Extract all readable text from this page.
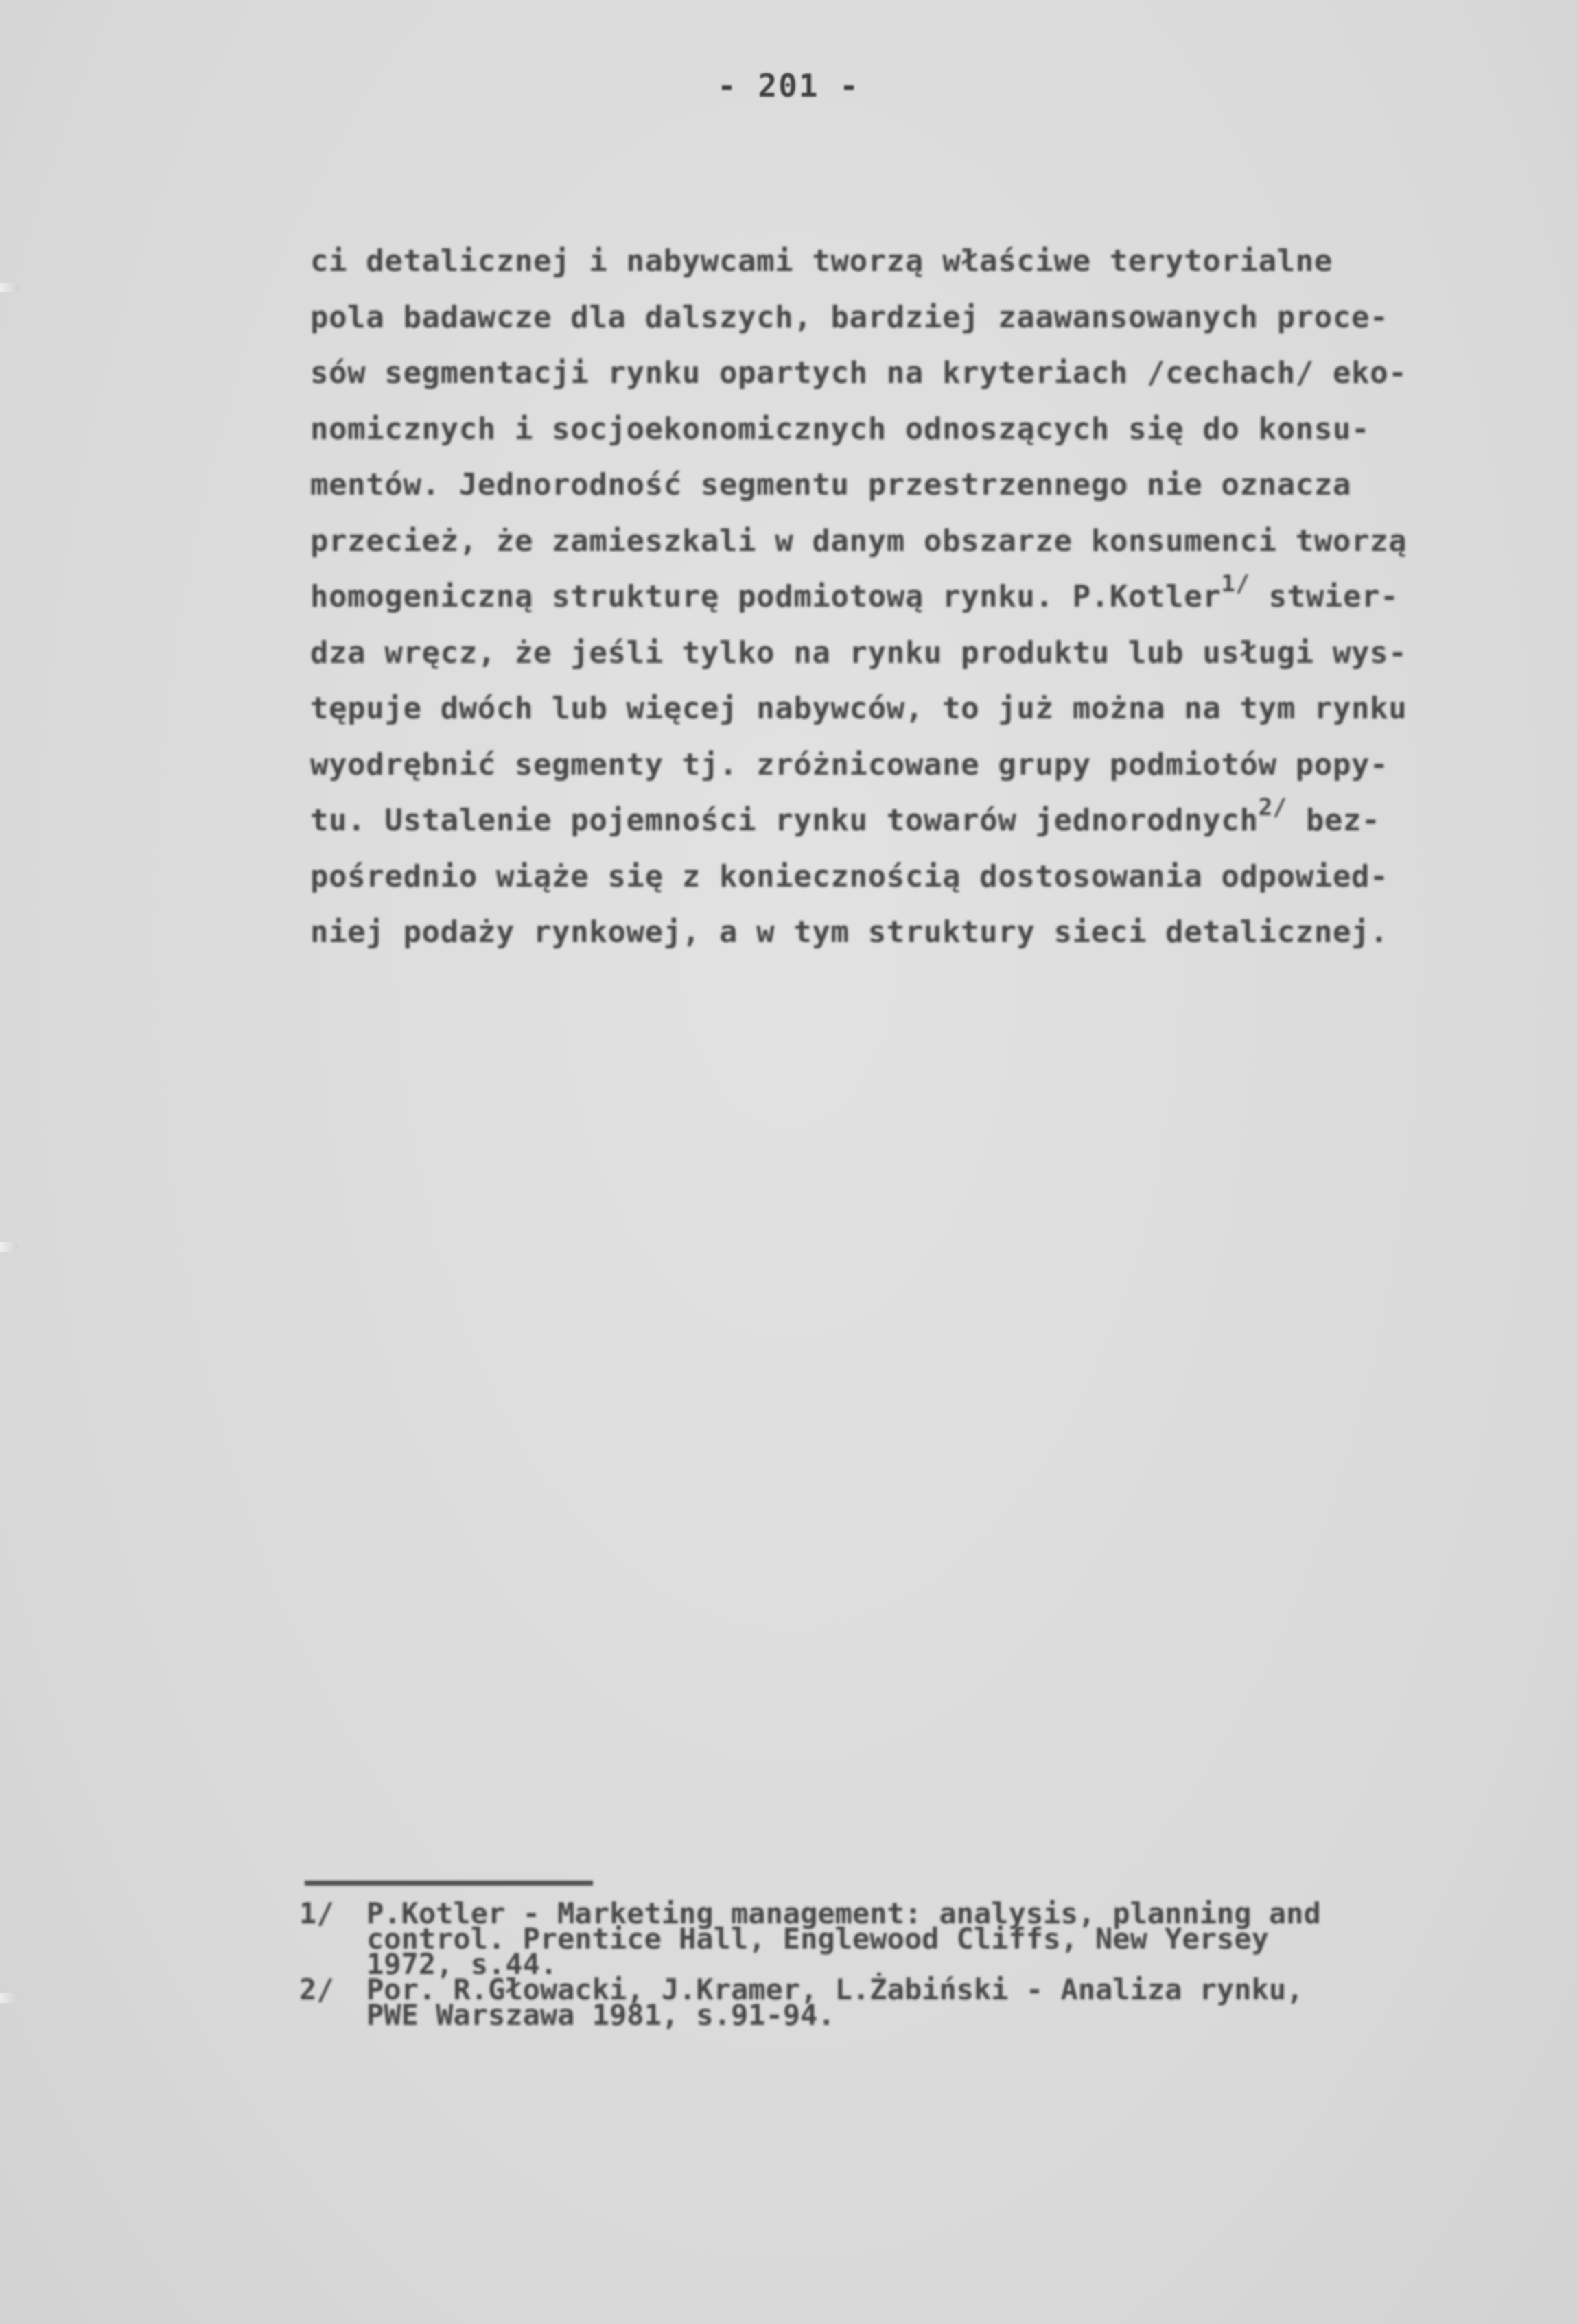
- 201 -
ci detalicznej i nabywcami tworzą właściwe terytorialne
pola badawcze dla dalszych, bardziej zaawansowanych proce-
sów segmentacji rynku opartych na kryteriach /cechach/ eko-
nomicznych i socjoekonomicznych odnoszących się do konsu-
mentów. Jednorodność segmentu przestrzennego nie oznacza
przecież, że zamieszkali w danym obszarze konsumenci tworzą
homogeniczną strukturę podmiotową rynku. P.Kotler$^{1/}$ stwier-
dza wręcz, że jeśli tylko na rynku produktu lub usługi wys-
tępuje dwóch lub więcej nabywców, to już można na tym rynku
wyodrębnić segmenty tj. zróżnicowane grupy podmiotów popy-
tu. Ustalenie pojemności rynku towarów jednorodnych$^{2/}$ bez-
pośrednio wiąże się z koniecznością dostosowania odpowied-
niej podaży rynkowej, a w tym struktury sieci detalicznej.
1/ P.Kotler - Marketing management: analysis, planning and
control. Prentice Hall, Englewood Cliffs, New Yersey
1972, s.44.
2/ Por. R.Głowacki, J.Kramer, L.Żabiński - Analiza rynku,
PWE Warszawa 1981, s.91-94.
